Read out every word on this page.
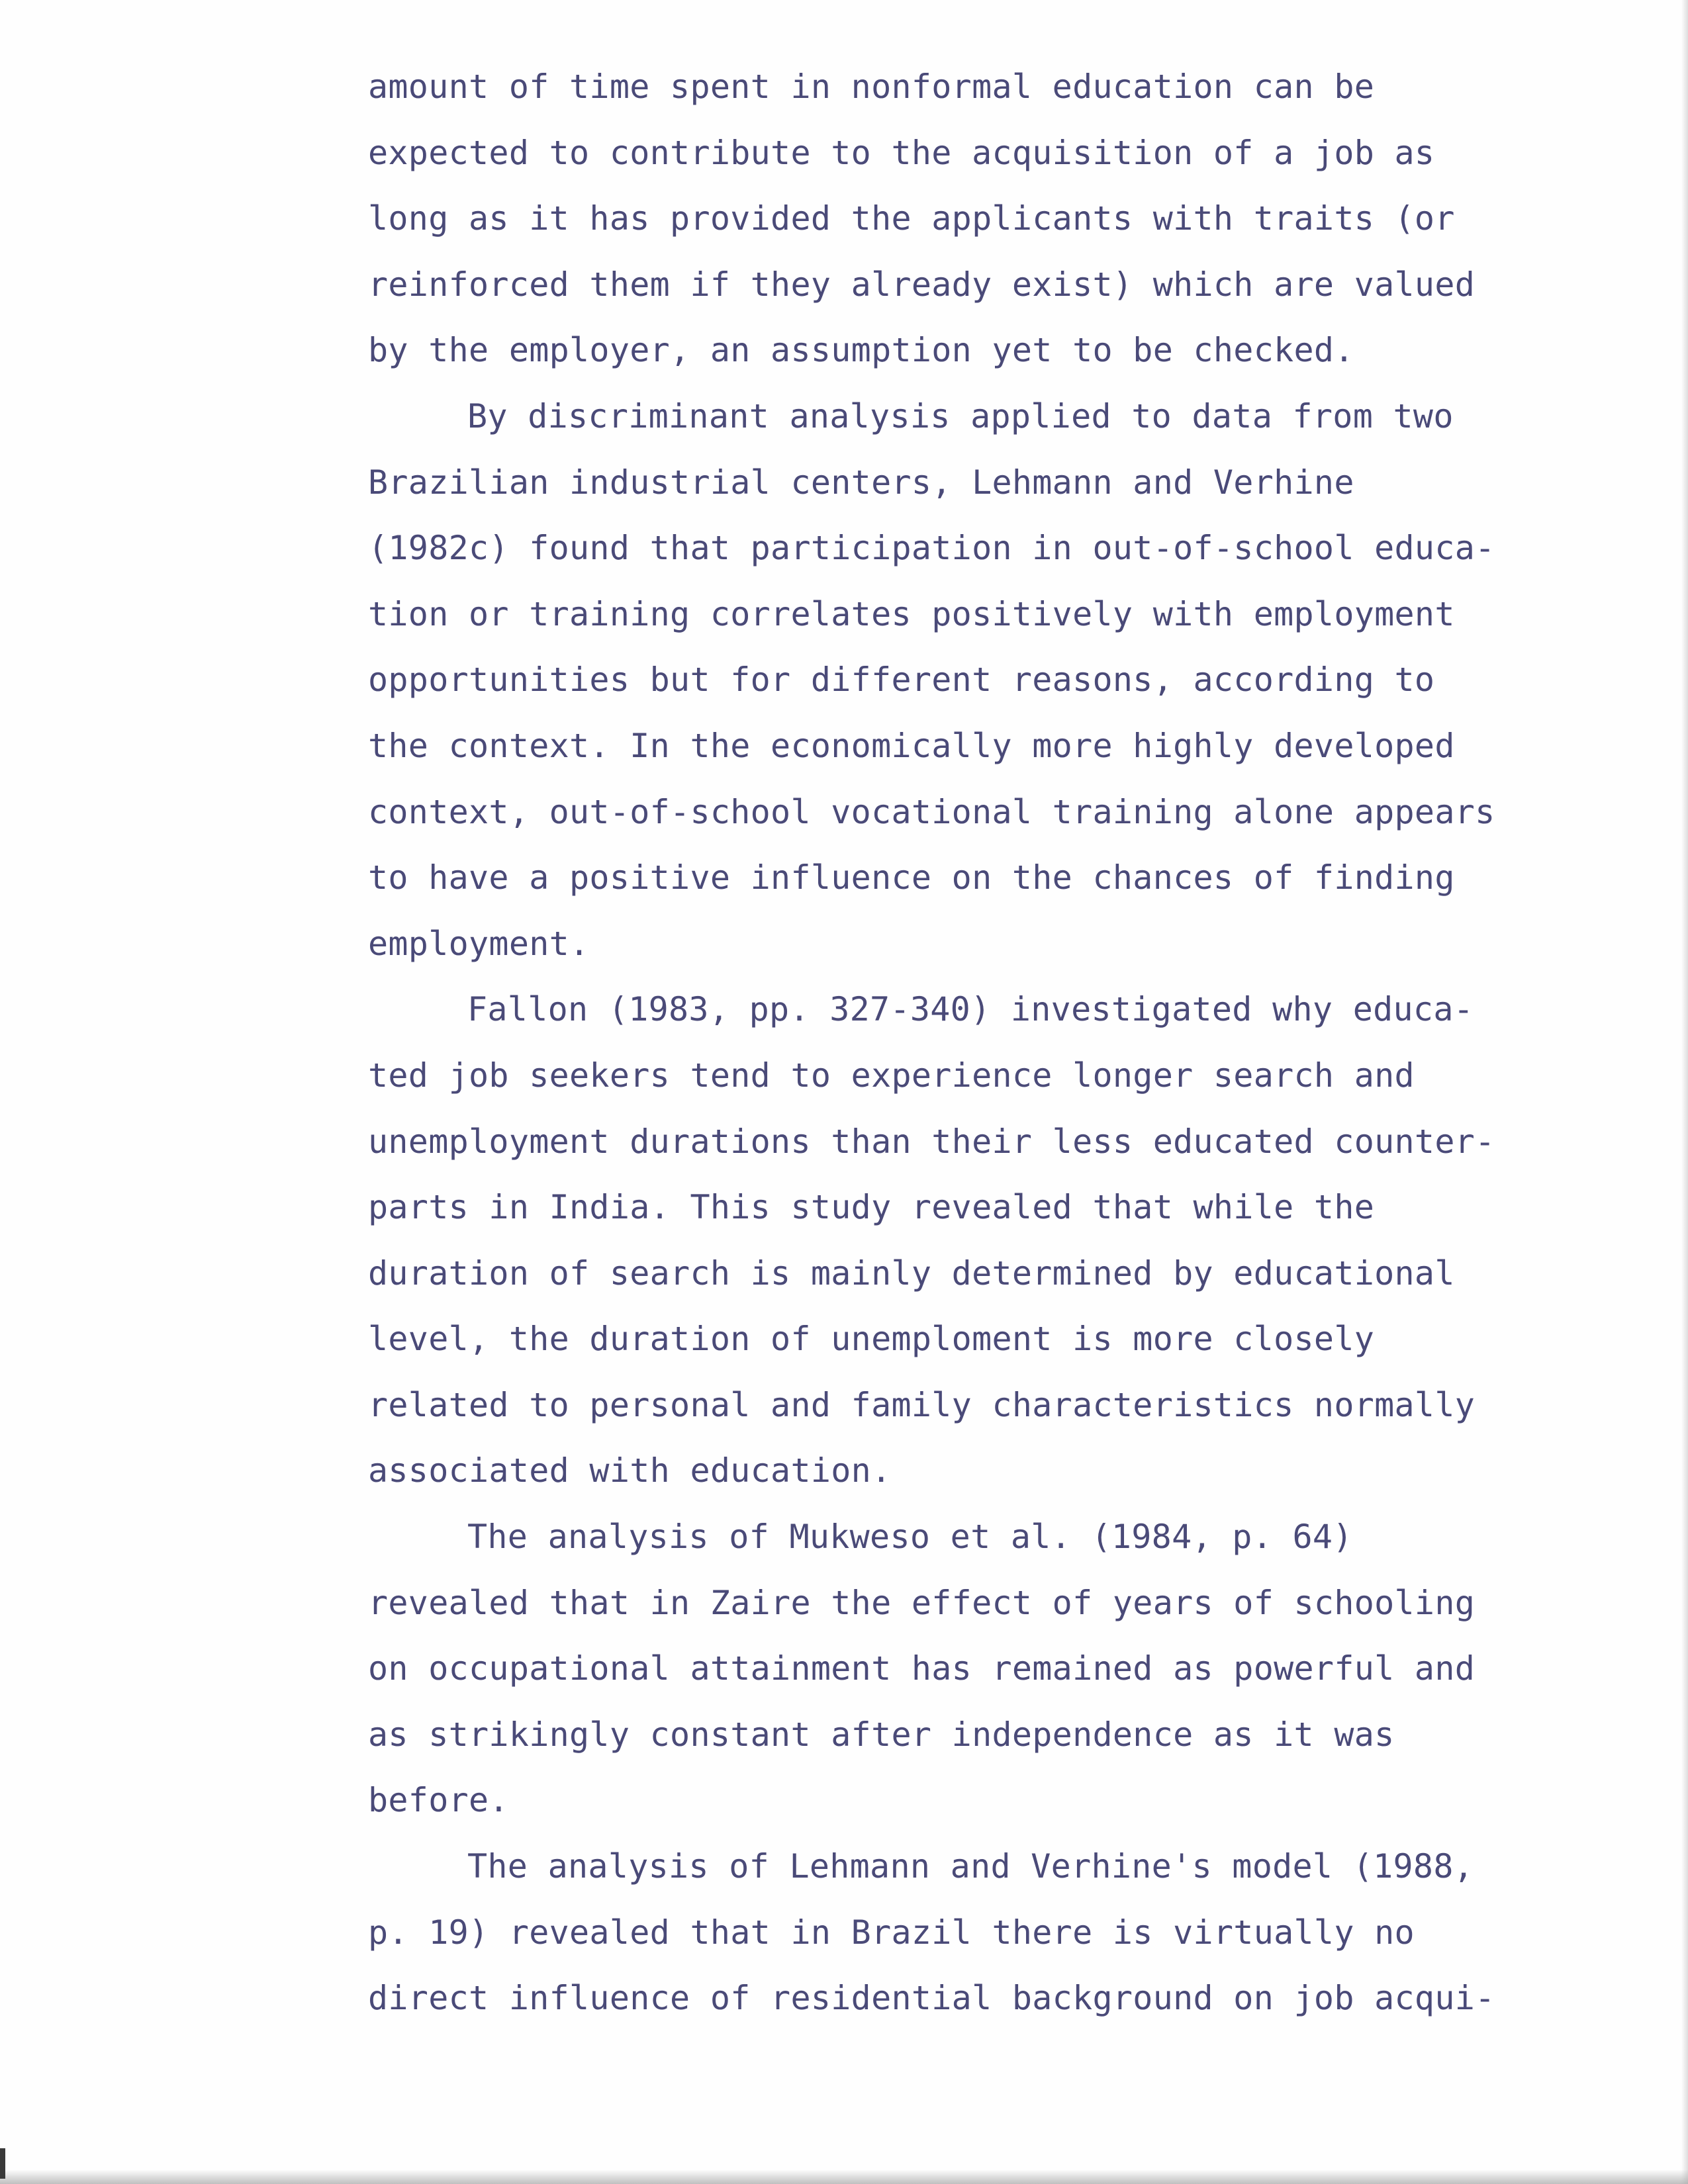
amount of time spent in nonformal education can be
expected to contribute to the acquisition of a job as
long as it has provided the applicants with traits (or
reinforced them if they already exist) which are valued
by the employer, an assumption yet to be checked.
By discriminant analysis applied to data from two
Brazilian industrial centers, Lehmann and Verhine
(1982c) found that participation in out-of-school educa-
tion or training correlates positively with employment
opportunities but for different reasons, according to
the context. In the economically more highly developed
context, out-of-school vocational training alone appears
to have a positive influence on the chances of finding
employment.
Fallon (1983, pp. 327-340) investigated why educa-
ted job seekers tend to experience longer search and
unemployment durations than their less educated counter-
parts in India. This study revealed that while the
duration of search is mainly determined by educational
level, the duration of unemploment is more closely
related to personal and family characteristics normally
associated with education.
The analysis of Mukweso et al. (1984, p. 64)
revealed that in Zaire the effect of years of schooling
on occupational attainment has remained as powerful and
as strikingly constant after independence as it was
before.
The analysis of Lehmann and Verhine's model (1988,
p. 19) revealed that in Brazil there is virtually no
direct influence of residential background on job acqui-
